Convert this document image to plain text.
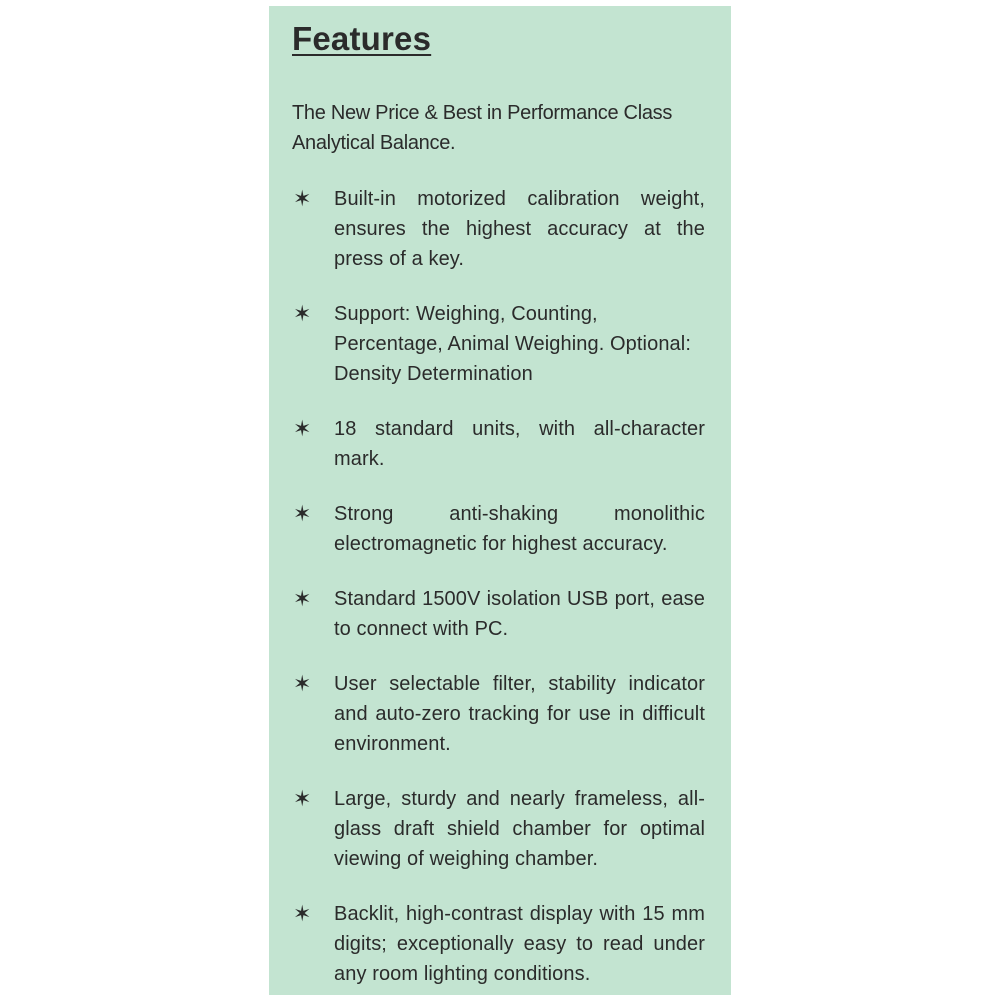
Features

The New Price & Best in Performance Class Analytical Balance.

✶	Built-in motorized calibration weight, ensures the highest accuracy at the press of a key.
✶	Support: Weighing, Counting, Percentage, Animal Weighing. Optional: Density Determination
✶	18 standard units, with all-character mark.
✶	Strong anti-shaking monolithic electromagnetic for highest accuracy.
✶	Standard 1500V isolation USB port, ease to connect with PC.
✶	User selectable filter, stability indicator and auto-zero tracking for use in difficult environment.
✶	Large, sturdy and nearly frameless, all-glass draft shield chamber for optimal viewing of weighing chamber.
✶	Backlit, high-contrast display with 15 mm digits; exceptionally easy to read under any room lighting conditions.
